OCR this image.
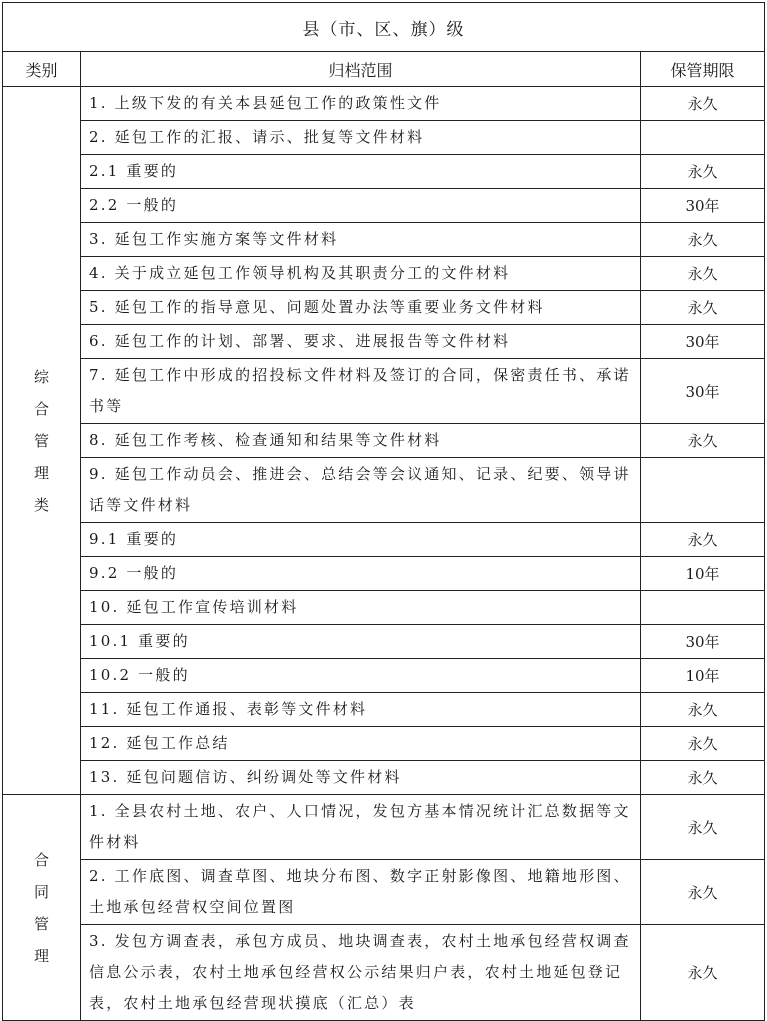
县（市、区、旗）级		
类别	归档范围	保管期限

综
合
管
理
类	1. 上级下发的有关本县延包工作的政策性文件	永久
	2. 延包工作的汇报、请示、批复等文件材料	
	2.1 重要的	永久
	2.2 一般的	30年
	3. 延包工作实施方案等文件材料	永久
	4. 关于成立延包工作领导机构及其职责分工的文件材料	永久
	5. 延包工作的指导意见、问题处置办法等重要业务文件材料	永久
	6. 延包工作的计划、部署、要求、进展报告等文件材料	30年
	7. 延包工作中形成的招投标文件材料及签订的合同，保密责任书、承诺书等	30年
	8. 延包工作考核、检查通知和结果等文件材料	永久
	9. 延包工作动员会、推进会、总结会等会议通知、记录、纪要、领导讲话等文件材料	
	9.1 重要的	永久
	9.2 一般的	10年
	10. 延包工作宣传培训材料	
	10.1 重要的	30年
	10.2 一般的	10年
	11. 延包工作通报、表彰等文件材料	永久
	12. 延包工作总结	永久
	13. 延包问题信访、纠纷调处等文件材料	永久

合
同
管
理	1. 全县农村土地、农户、人口情况，发包方基本情况统计汇总数据等文件材料	永久
	2. 工作底图、调查草图、地块分布图、数字正射影像图、地籍地形图、土地承包经营权空间位置图	永久
	3. 发包方调查表，承包方成员、地块调查表，农村土地承包经营权调查信息公示表，农村土地承包经营权公示结果归户表，农村土地延包登记表，农村土地承包经营现状摸底（汇总）表	永久
